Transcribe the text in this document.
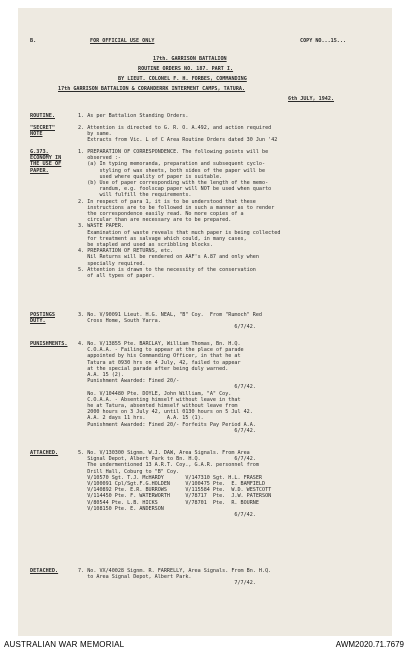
B.	FOR OFFICIAL USE ONLY	COPY NO...15...
17th. GARRISON BATTALION
ROUTINE ORDERS NO. 187. PART I.
BY LIEUT. COLONEL F. H. FORBES, COMMANDING
17th GARRISON BATTALION & CORANDERRK INTERMENT CAMPS, TATURA.
6th JULY, 1942.
ROUTINE.	1. As per Battalion Standing Orders.
"SECRET"
NOTE
2. Attention is directed to G. R. O. A.492, and action required
by same.
Extracts from Vic. L of C Area Routine Orders dated 30 Jun '42
G.373.
ECONOMY IN
THE USE OF
PAPER.
1. PREPARATION OF CORRESPONDENCE. The following points will be
observed :-
(a) In typing memoranda, preparation and subsequent cyclo-
styling of wax sheets, both sides of the paper will be
used where quality of paper is suitable.
(b) Use of paper corresponding with the length of the memo-
randum, e.g. foolscap paper will NOT be used when quarto
will fulfill the requirements.
2. In respect of para 1, it is to be understood that these
instructions are to be followed in such a manner as to render
the correspondence easily read. No more copies of a
circular than are necessary are to be prepared.
3. WASTE PAPER.
Examination of waste reveals that much paper is being collected
for treatment as salvage which could, in many cases,
be stapled and used as scribbling blocks.
4. PREPARATION OF RETURNS, etc.
Nil Returns will be rendered on AAF's A.87 and only when
specially required.
5. Attention is drawn to the necessity of the conservation
of all types of paper.
POSTINGS
DUTY.
3. No. V/90091 Lieut. H.G. NEAL, "B" Coy.  From "Rumoch" Red
Cross Home, South Yarra.
6/7/42.
PUNISHMENTS. 4. No. V/13855 Pte. BARCLAY, William Thomas, Bn. H.Q.
C.O.A.A. - Failing to appear at the place of parade
appointed by his Commanding Officer, in that he at
Tatura at 0930 hrs on 4 July, 42, failed to appear
at the special parade after being duly warned.
A.A. 15 (2).
Punishment Awarded: Fined 20/-
6/7/42.
No. V/104480 Pte. DOYLE, John William, "A" Coy.
C.O.A.A. - Absenting himself without leave in that
he at Tatura, absented himself without leave from
2000 hours on 3 July 42, until 0130 hours on 5 Jul 42.
A.A. 2 days 11 hrs.       A.A. 15 (1).
Punishment Awarded: Fined 20/- Forfeits Pay Period A.A.
6/7/42.
ATTACHED.	5. No. V/130300 Signm. W.J. DAW, Area Signals. From Area
Signal Depot, Albert Park to Bn. H.Q.           6/7/42.
The undermentioned 13 A.R.T. Coy., G.A.R. personnel from
Drill Hall, Coburg to "B" Coy.
V/10570 Sgt. T.J. McHARDY       V/147310 Sgt. H.L. FRASER
V/100091 Cpl/Sgt.F.G.HOLDEN     V/100475 Pte.  E. BAMFIELD
V/140892 Pte. E.R. BURROWS      V/115584 Pte.  W.D. WESTCOTT
V/114450 Pte. F. WATERWORTH     V/78717  Pte.  J.W. PATERSON
V/80544 Pte. L.B. HICKS         V/78701  Pte.  R. BOURNE
V/108150 Pte. E. ANDERSON
6/7/42.
DETACHED.	7. No. VX/40028 Signm. R. FARRELLY, Area Signals. From Bn. H.Q.
to Area Signal Depot, Albert Park.
7/7/42.
AUSTRALIAN WAR MEMORIAL	AWM2020.71.7679
